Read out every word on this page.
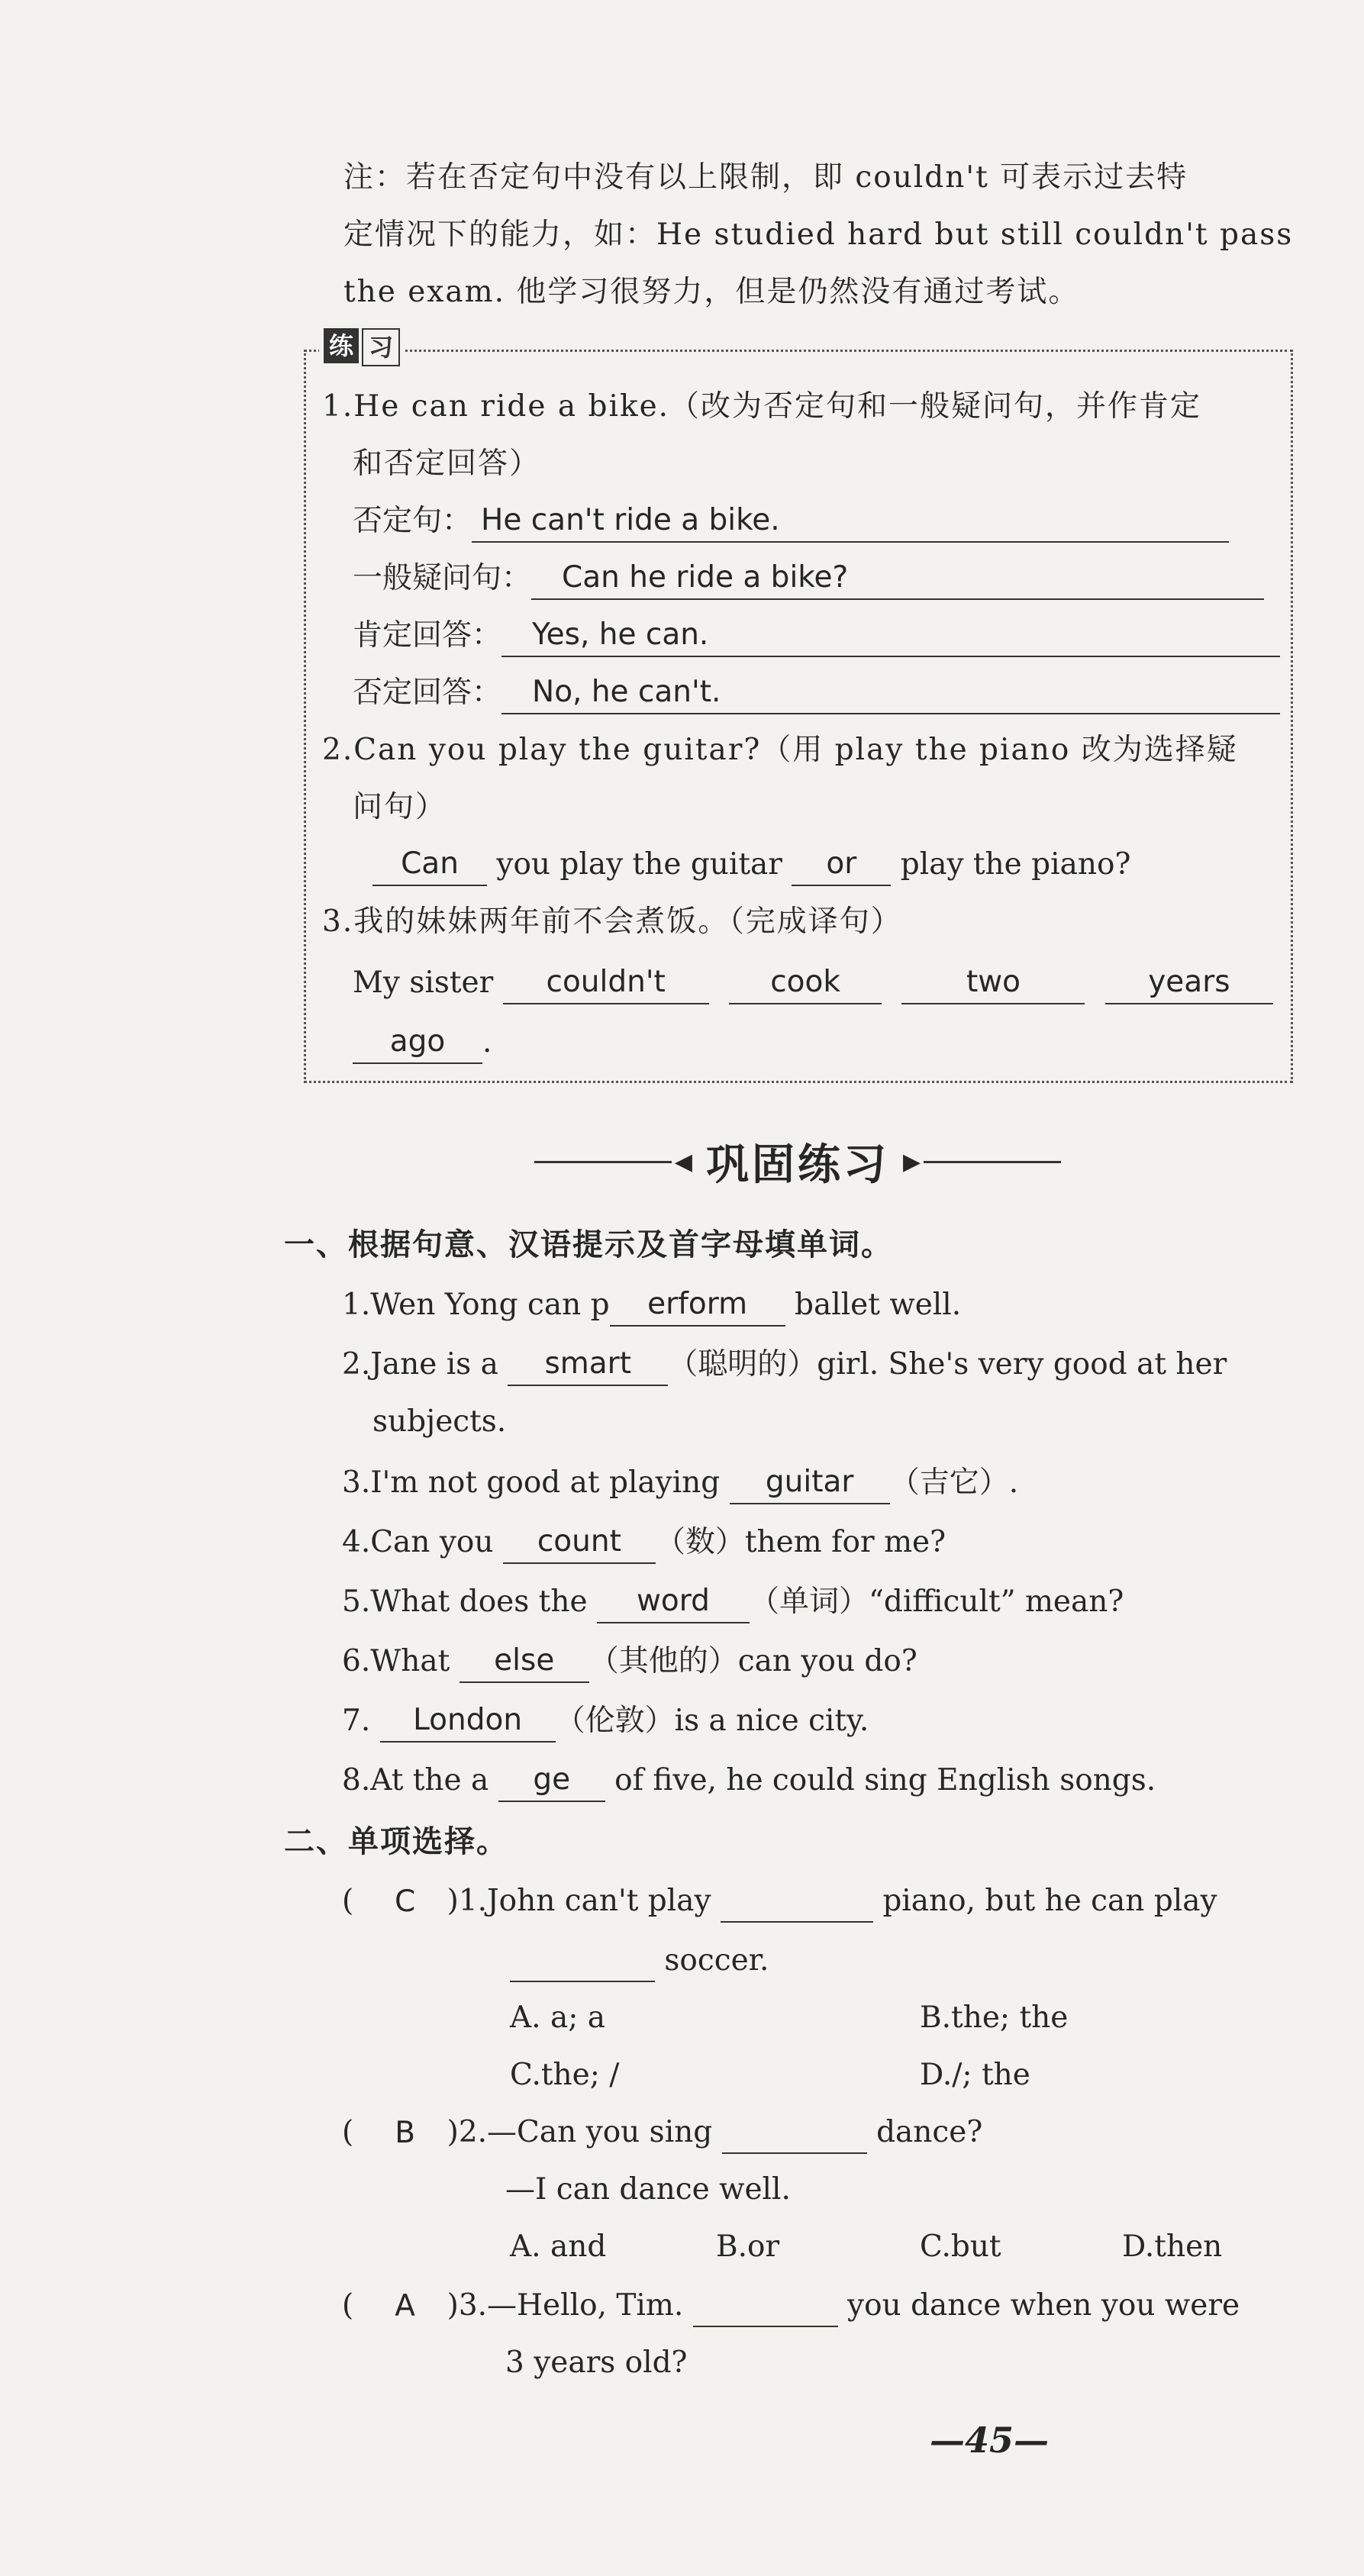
注：若在否定句中没有以上限制，即 couldn't 可表示过去特
定情况下的能力，如：He studied hard but still couldn't pass
the exam. 他学习很努力，但是仍然没有通过考试。
练 习
1.He can ride a bike.（改为否定句和一般疑问句，并作肯定
和否定回答）
否定句： He can't ride a bike.
一般疑问句： Can he ride a bike?
肯定回答： Yes, he can.
否定回答： No, he can't.
2.Can you play the guitar?（用 play the piano 改为选择疑
问句）
Can you play the guitar or play the piano?
3.我的妹妹两年前不会煮饭。（完成译句）
My sister couldn't	cook	two	years
ago .
◀ 巩固练习 ▶
一、根据句意、汉语提示及首字母填单词。
1.Wen Yong can p erform ballet well.
2.Jane is a smart （聪明的）girl. She's very good at her
subjects.
3.I'm not good at playing guitar （吉它）.
4.Can you count （数）them for me?
5.What does the word （单词）“difficult” mean?
6.What else （其他的）can you do?
7. London （伦敦）is a nice city.
8.At the a ge of five, he could sing English songs.
二、单项选择。
( C )1.John can't play	piano, but he can play
soccer.
A. a; a	B.the; the
C.the; /	D./; the
( B )2.—Can you sing	dance?
—I can dance well.
A. and	B.or	C.but	D.then
( A )3.—Hello, Tim.	you dance when you were
3 years old?
—45—
